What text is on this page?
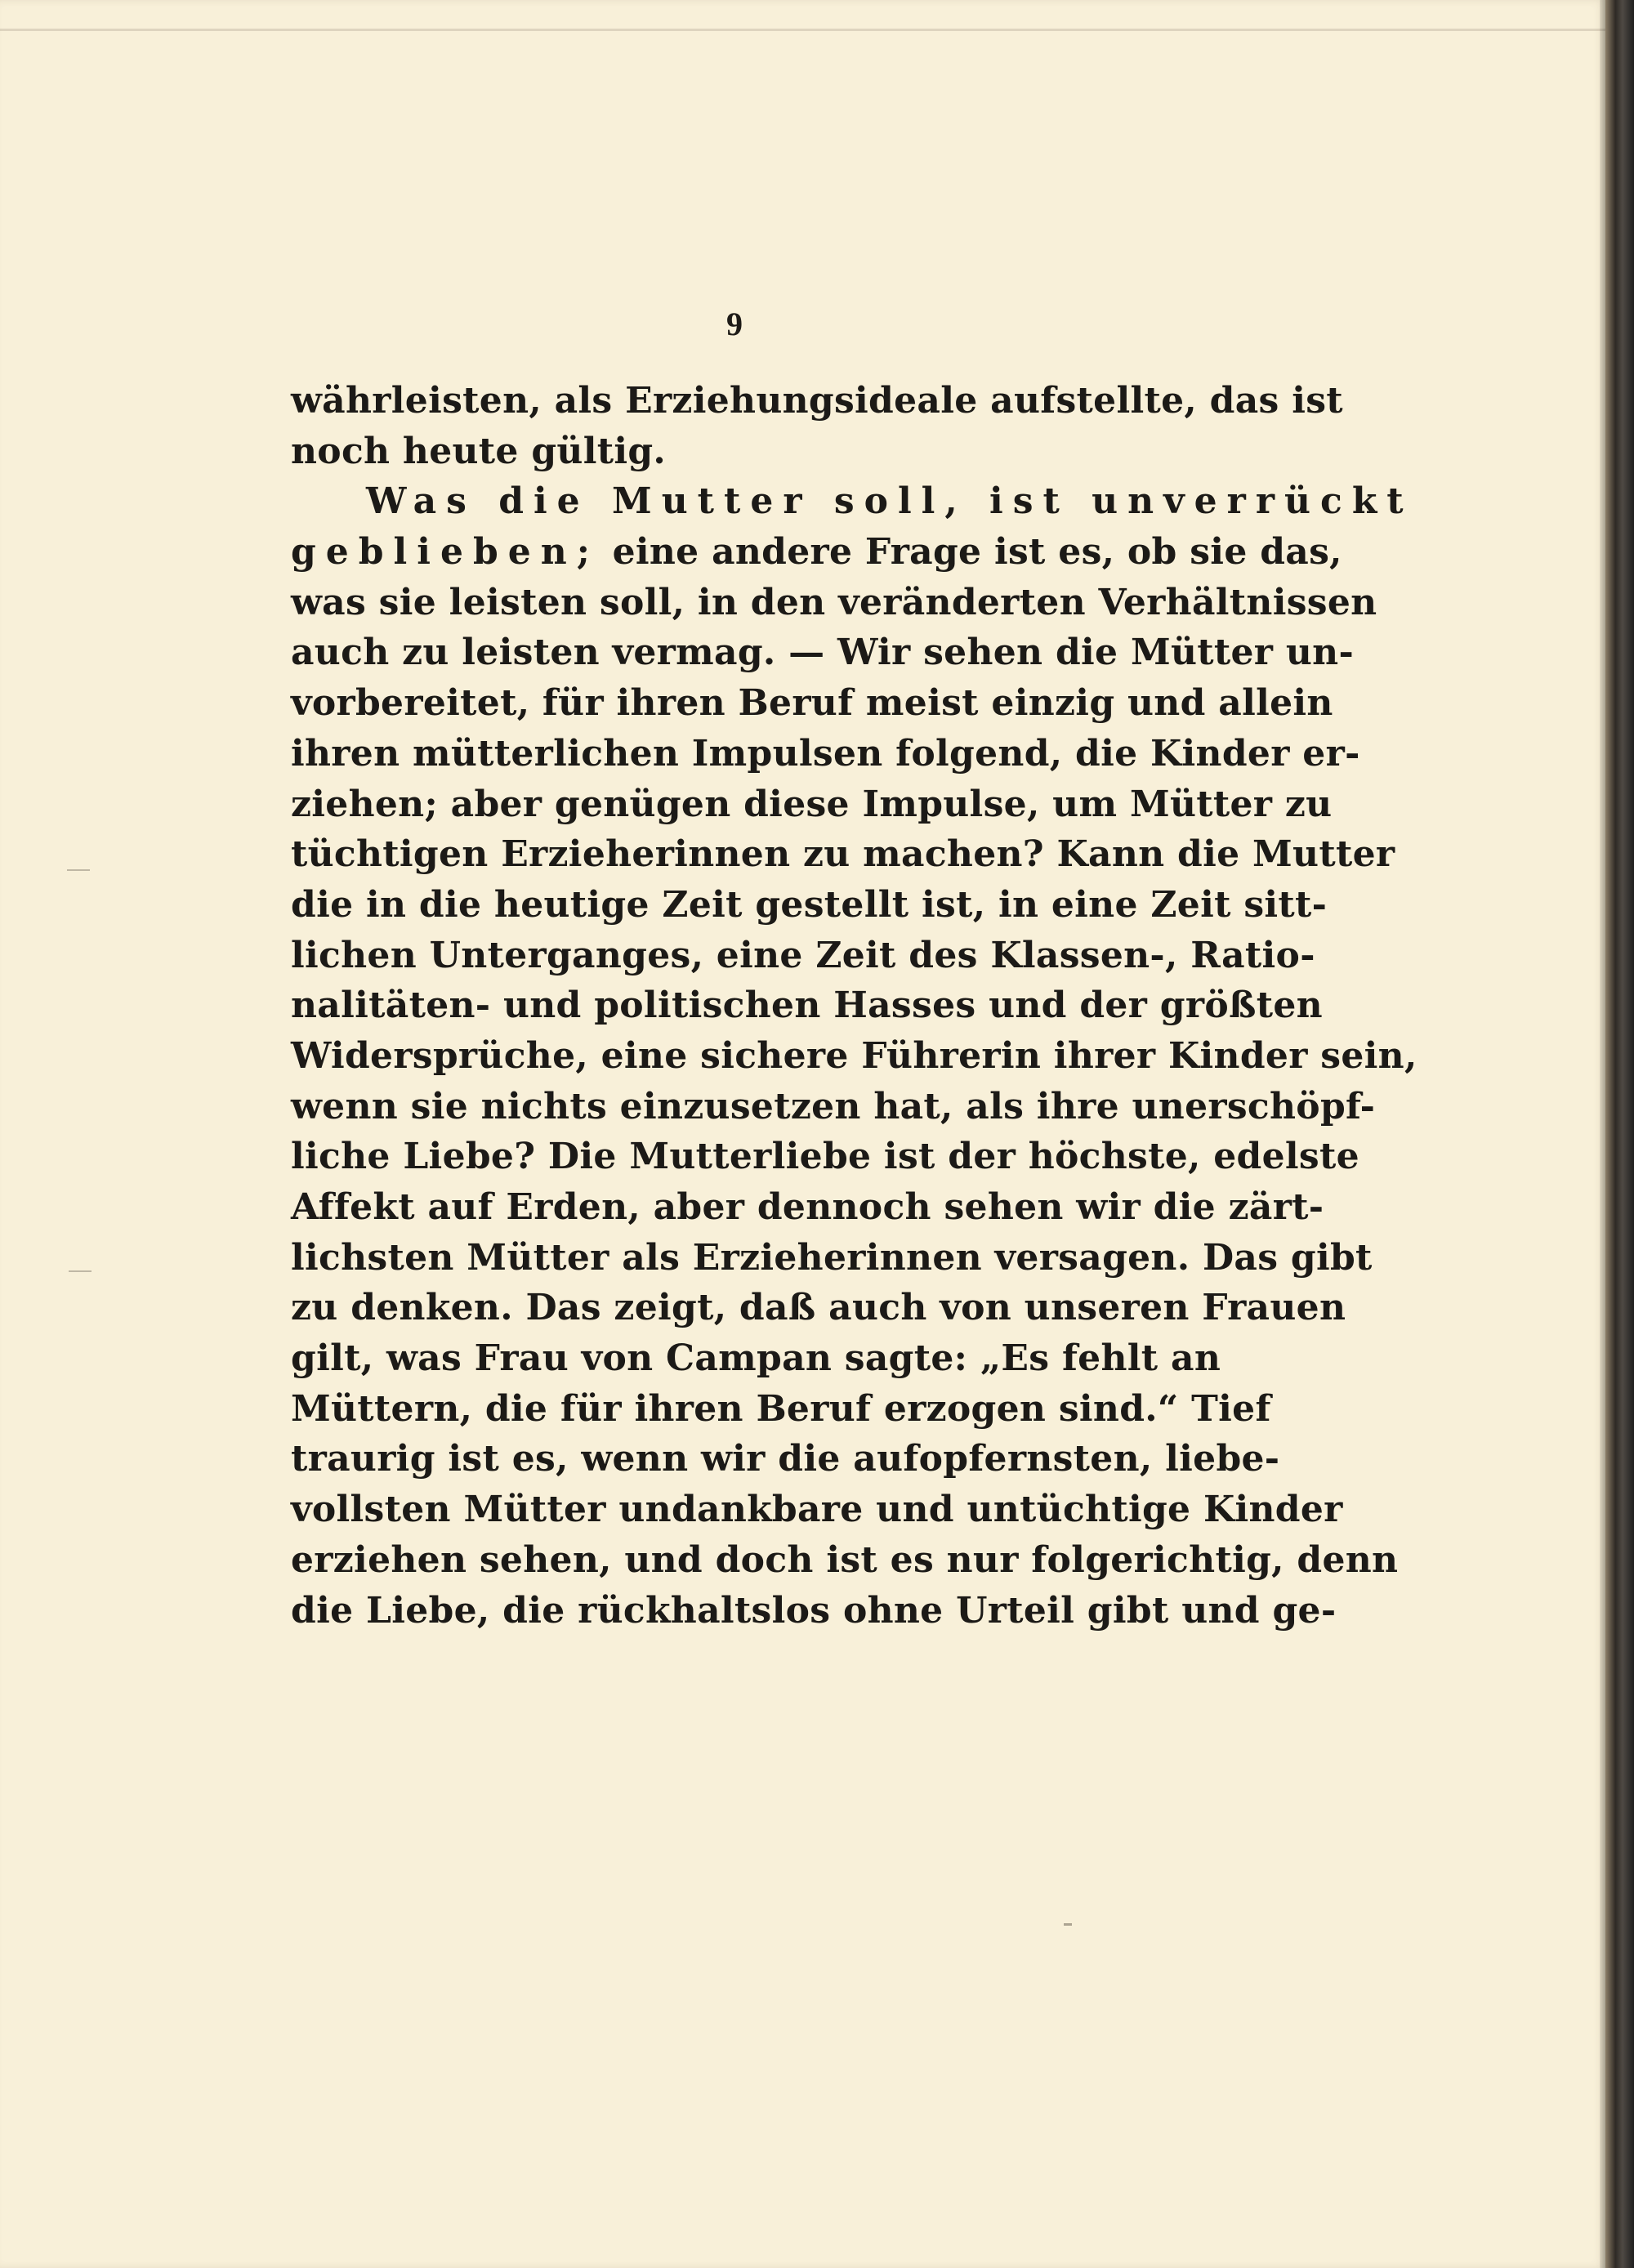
9
währleisten, als Erziehungsideale aufstellte, das ist
noch heute gültig.
Was die Mutter soll, ist unverrückt
geblieben; eine andere Frage ist es, ob sie das,
was sie leisten soll, in den veränderten Verhältnissen
auch zu leisten vermag. — Wir sehen die Mütter un-
vorbereitet, für ihren Beruf meist einzig und allein
ihren mütterlichen Impulsen folgend, die Kinder er-
ziehen; aber genügen diese Impulse, um Mütter zu
tüchtigen Erzieherinnen zu machen? Kann die Mutter
die in die heutige Zeit gestellt ist, in eine Zeit sitt-
lichen Unterganges, eine Zeit des Klassen-, Ratio-
nalitäten- und politischen Hasses und der größten
Widersprüche, eine sichere Führerin ihrer Kinder sein,
wenn sie nichts einzusetzen hat, als ihre unerschöpf-
liche Liebe? Die Mutterliebe ist der höchste, edelste
Affekt auf Erden, aber dennoch sehen wir die zärt-
lichsten Mütter als Erzieherinnen versagen. Das gibt
zu denken. Das zeigt, daß auch von unseren Frauen
gilt, was Frau von Campan sagte: „Es fehlt an
Müttern, die für ihren Beruf erzogen sind.“ Tief
traurig ist es, wenn wir die aufopfernsten, liebe-
vollsten Mütter undankbare und untüchtige Kinder
erziehen sehen, und doch ist es nur folgerichtig, denn
die Liebe, die rückhaltslos ohne Urteil gibt und ge-
